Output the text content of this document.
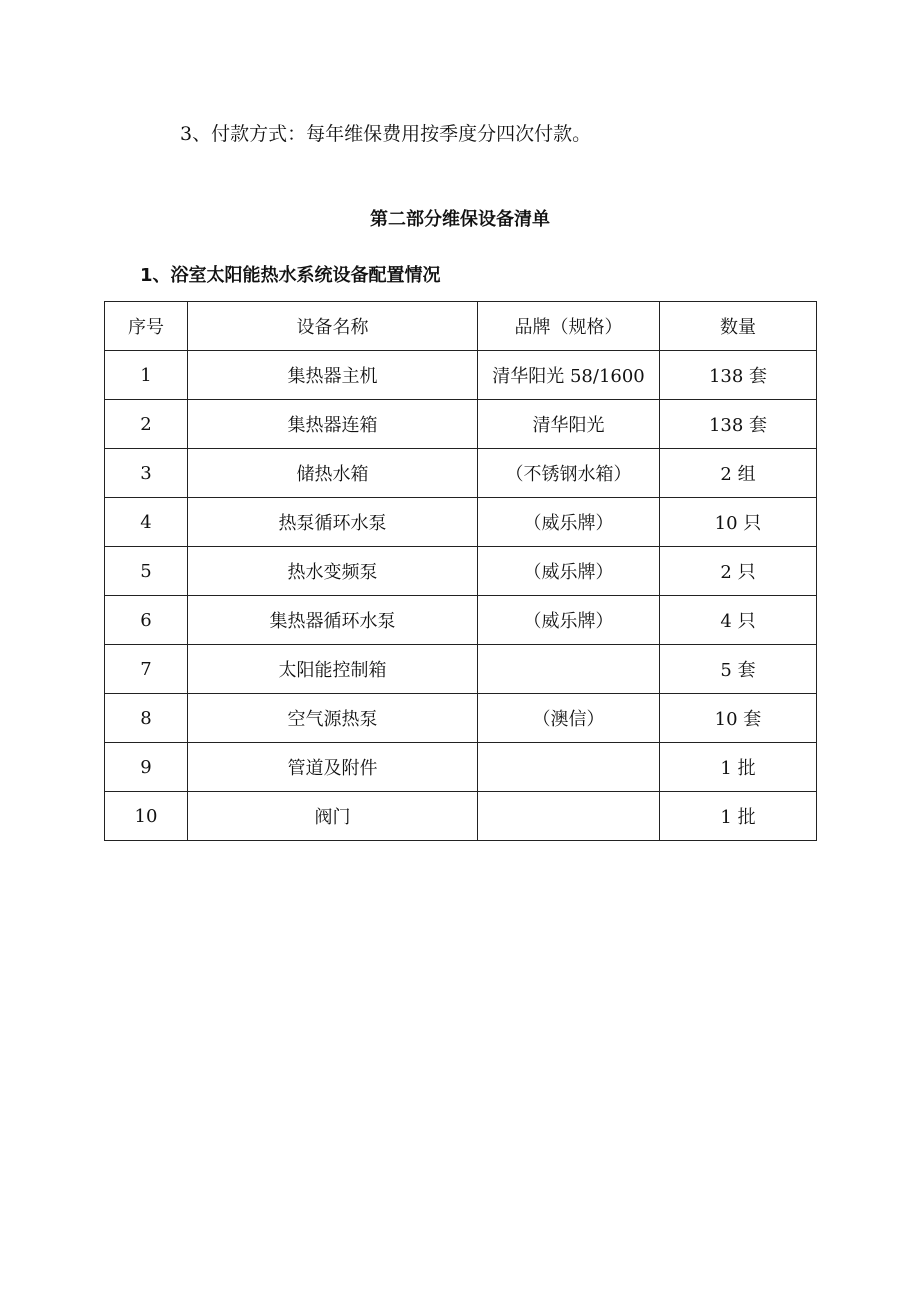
3、付款方式：每年维保费用按季度分四次付款。
第二部分维保设备清单
1、浴室太阳能热水系统设备配置情况
序号	设备名称	品牌（规格）	数量
1	集热器主机	清华阳光 58/1600	138 套
2	集热器连箱	清华阳光	138 套
3	储热水箱	（不锈钢水箱）	2 组
4	热泵循环水泵	（威乐牌）	10 只
5	热水变频泵	（威乐牌）	2 只
6	集热器循环水泵	（威乐牌）	4 只
7	太阳能控制箱		5 套
8	空气源热泵	（澳信）	10 套
9	管道及附件		1 批
10	阀门		1 批
